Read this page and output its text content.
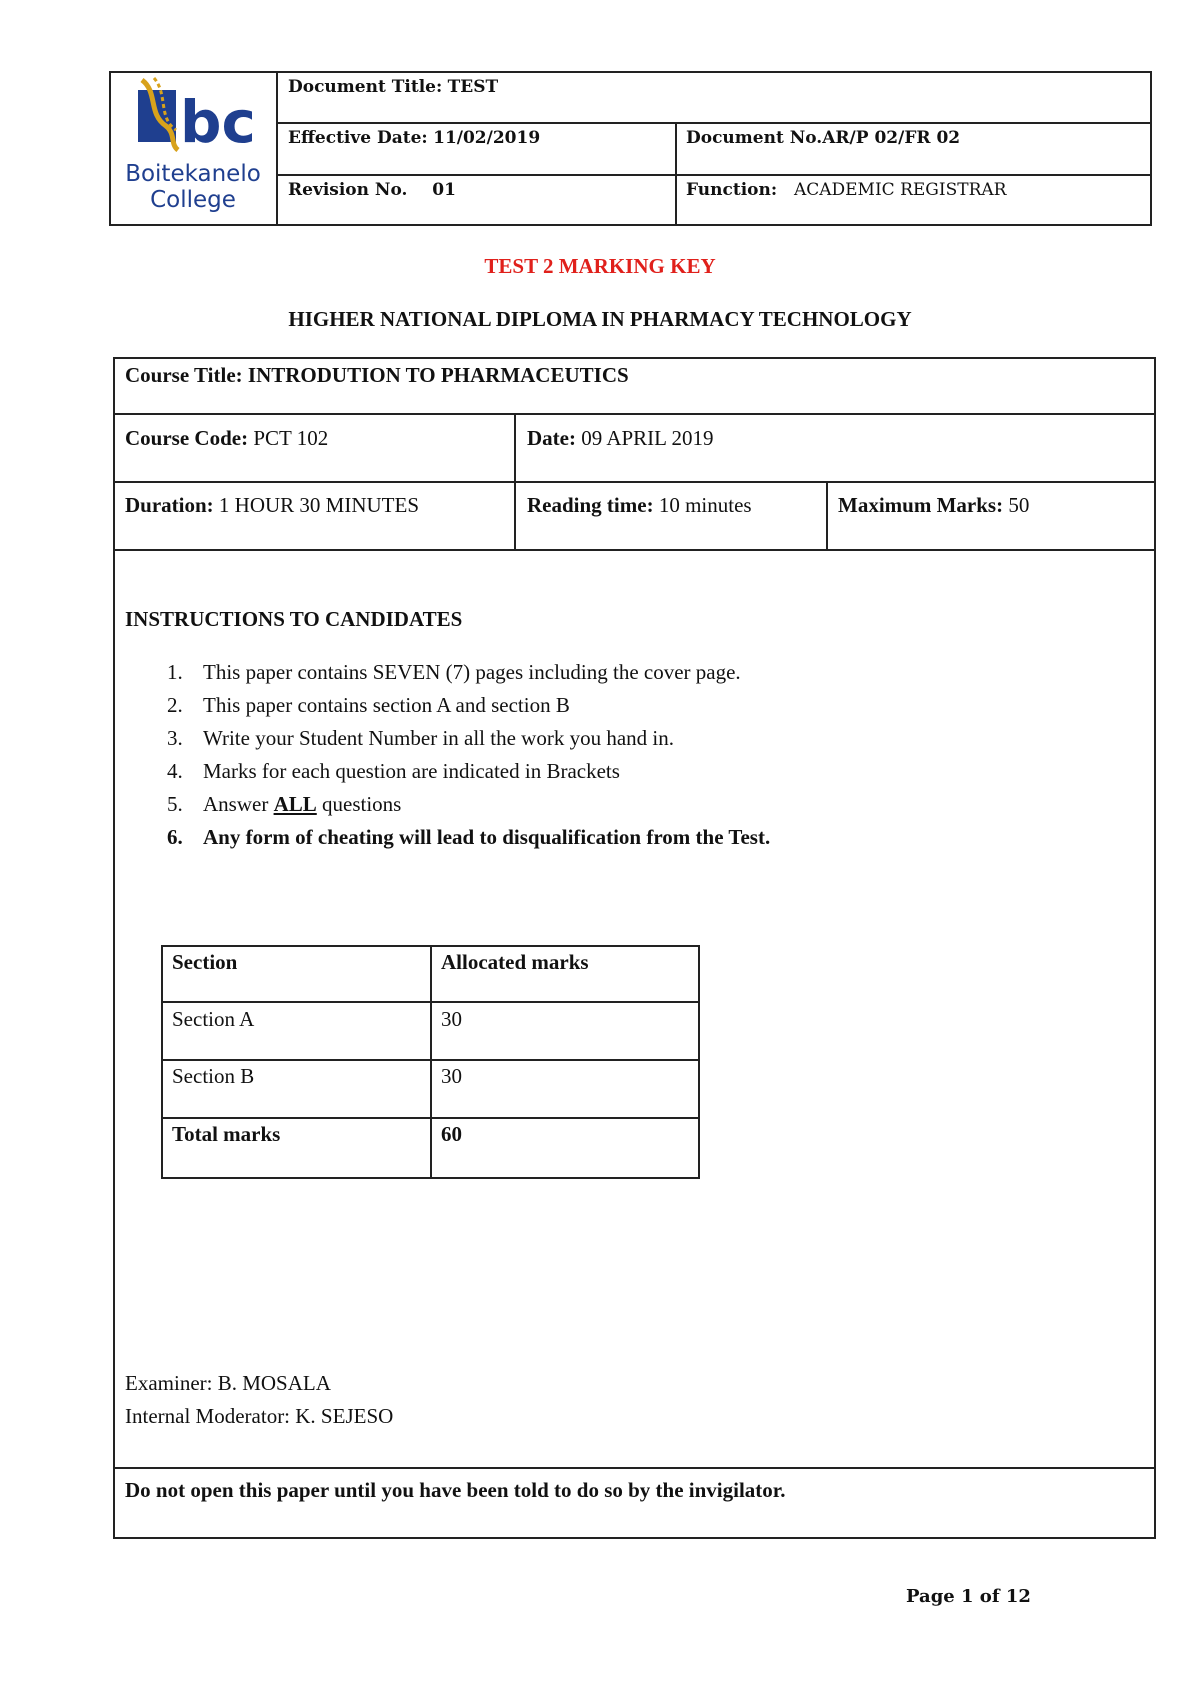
bc
Boitekanelo
College
Document Title: TEST
Effective Date: 11/02/2019	Document No.AR/P 02/FR 02
Revision No. 01	Function: ACADEMIC REGISTRAR
TEST 2 MARKING KEY
HIGHER NATIONAL DIPLOMA IN PHARMACY TECHNOLOGY
Course Title: INTRODUTION TO PHARMACEUTICS
Course Code: PCT 102	Date: 09 APRIL 2019
Duration: 1 HOUR 30 MINUTES	Reading time: 10 minutes	Maximum Marks: 50
INSTRUCTIONS TO CANDIDATES
1. This paper contains SEVEN (7) pages including the cover page.
2. This paper contains section A and section B
3. Write your Student Number in all the work you hand in.
4. Marks for each question are indicated in Brackets
5. Answer ALL questions
6. Any form of cheating will lead to disqualification from the Test.
Section	Allocated marks
Section A	30
Section B	30
Total marks	60
Examiner: B. MOSALA
Internal Moderator: K. SEJESO
Do not open this paper until you have been told to do so by the invigilator.
Page 1 of 12
